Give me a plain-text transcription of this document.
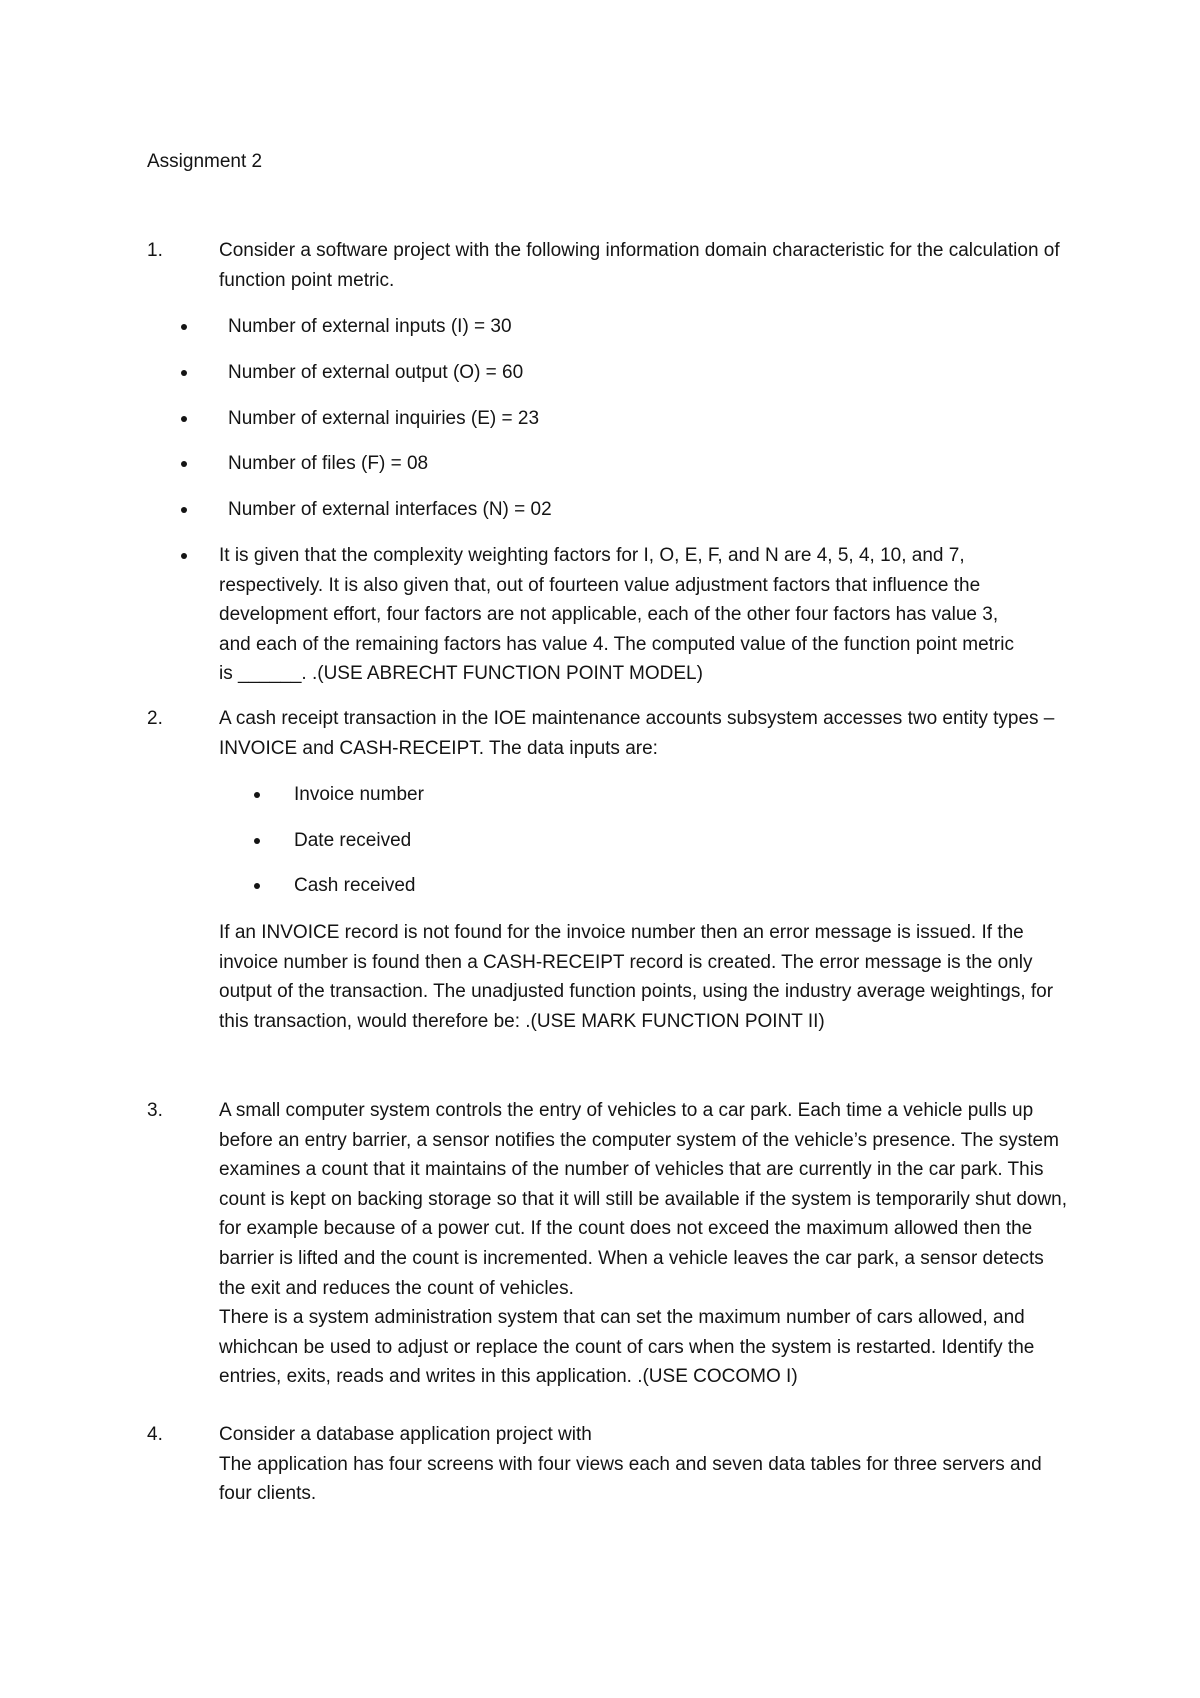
Assignment 2
1.	Consider a software project with the following information domain characteristic for the calculation of function point metric.
Number of external inputs (I) = 30
Number of external output (O) = 60
Number of external inquiries (E) = 23
Number of files (F) = 08
Number of external interfaces (N) = 02
It is given that the complexity weighting factors for I, O, E, F, and N are 4, 5, 4, 10, and 7, respectively. It is also given that, out of fourteen value adjustment factors that influence the development effort, four factors are not applicable, each of the other four factors has value 3, and each of the remaining factors has value 4. The computed value of the function point metric is ______. .(USE ABRECHT FUNCTION POINT MODEL)
2.	A cash receipt transaction in the IOE maintenance accounts subsystem accesses two entity types –INVOICE and CASH-RECEIPT. The data inputs are:
Invoice number
Date received
Cash received
If an INVOICE record is not found for the invoice number then an error message is issued. If the invoice number is found then a CASH-RECEIPT record is created. The error message is the only output of the transaction. The unadjusted function points, using the industry average weightings, for this transaction, would therefore be: .(USE MARK FUNCTION POINT II)
3.	A small computer system controls the entry of vehicles to a car park. Each time a vehicle pulls up before an entry barrier, a sensor notifies the computer system of the vehicle’s presence. The system examines a count that it maintains of the number of vehicles that are currently in the car park. This count is kept on backing storage so that it will still be available if the system is temporarily shut down, for example because of a power cut. If the count does not exceed the maximum allowed then the barrier is lifted and the count is incremented. When a vehicle leaves the car park, a sensor detects the exit and reduces the count of vehicles.
There is a system administration system that can set the maximum number of cars allowed, and whichcan be used to adjust or replace the count of cars when the system is restarted. Identify the entries, exits, reads and writes in this application. .(USE COCOMO I)
4.	Consider a database application project with
The application has four screens with four views each and seven data tables for three servers and four clients.
